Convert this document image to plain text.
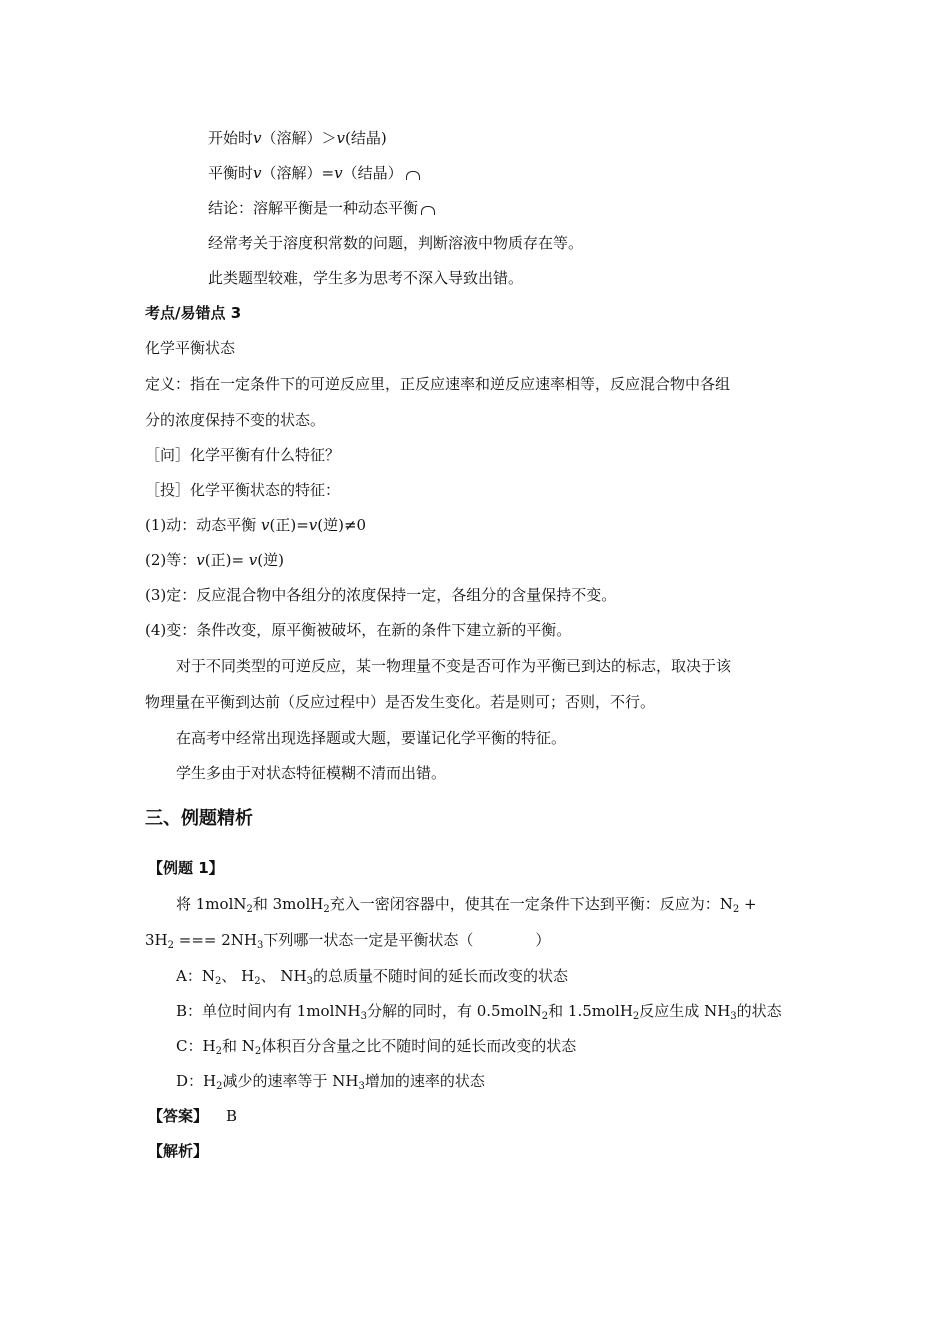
开始时v（溶解）＞v(结晶)
平衡时v（溶解）=v（结晶）
结论：溶解平衡是一种动态平衡
经常考关于溶度积常数的问题，判断溶液中物质存在等。
此类题型较难，学生多为思考不深入导致出错。
考点/易错点 3
化学平衡状态
定义：指在一定条件下的可逆反应里，正反应速率和逆反应速率相等，反应混合物中各组
分的浓度保持不变的状态。
［问］化学平衡有什么特征？
［投］化学平衡状态的特征：
(1)动：动态平衡 v(正)=v(逆)≠0
(2)等：v(正)= v(逆)
(3)定：反应混合物中各组分的浓度保持一定，各组分的含量保持不变。
(4)变：条件改变，原平衡被破坏，在新的条件下建立新的平衡。
对于不同类型的可逆反应，某一物理量不变是否可作为平衡已到达的标志，取决于该
物理量在平衡到达前（反应过程中）是否发生变化。若是则可；否则，不行。
在高考中经常出现选择题或大题，要谨记化学平衡的特征。
学生多由于对状态特征模糊不清而出错。
三、例题精析
【例题 1】
将 1molN$_2$和 3molH$_2$充入一密闭容器中，使其在一定条件下达到平衡：反应为：$N_2$ +
$3H_2$ === $2NH_3$下列哪一状态一定是平衡状态（	）
A：$N_2$、 $H_2$、 $NH_3$的总质量不随时间的延长而改变的状态
B：单位时间内有 1molNH$_3$分解的同时，有 0.5molN$_2$和 1.5molH$_2$反应生成 $NH_3$的状态
C：$H_2$和 $N_2$体积百分含量之比不随时间的延长而改变的状态
D：$H_2$减少的速率等于 $NH_3$增加的速率的状态
【答案】 B
【解析】
